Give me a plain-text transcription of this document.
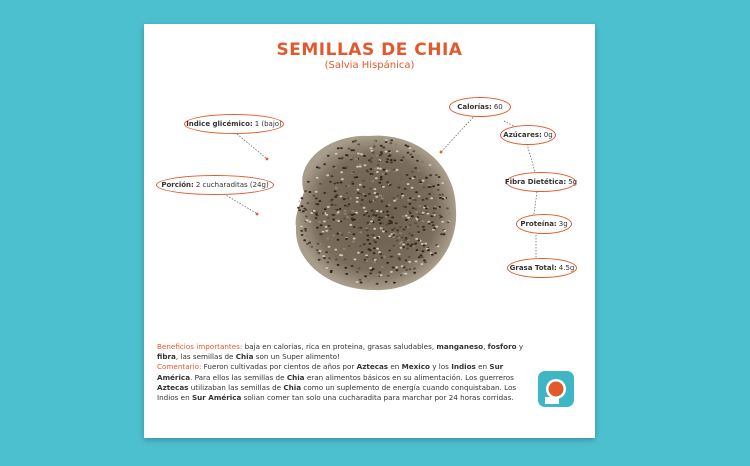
SEMILLAS DE CHIA
(Salvia Hispánica)
Indice glicémico: 1 (bajo)
Porción: 2 cucharaditas (24g)
Calorías: 60
Azúcares: 0g
Fibra Dietética: 5g
Proteína: 3g
Grasa Total: 4.5g
Beneficios importantes: baja en calorias, rica en proteina, grasas saludables, manganeso, fosforo y fibra, las semillas de Chia son un Super alimento!
Comentario: Fueron cultivadas por cientos de años por Aztecas en Mexico y los Indios en Sur América. Para ellos las semillas de Chia eran alimentos básicos en su alimentación. Los guerreros Aztecas utilizaban las semillas de Chia como un suplemento de energía cuando conquistaban. Los Indios en Sur América solian comer tan solo una cucharadita para marchar por 24 horas corridas.
